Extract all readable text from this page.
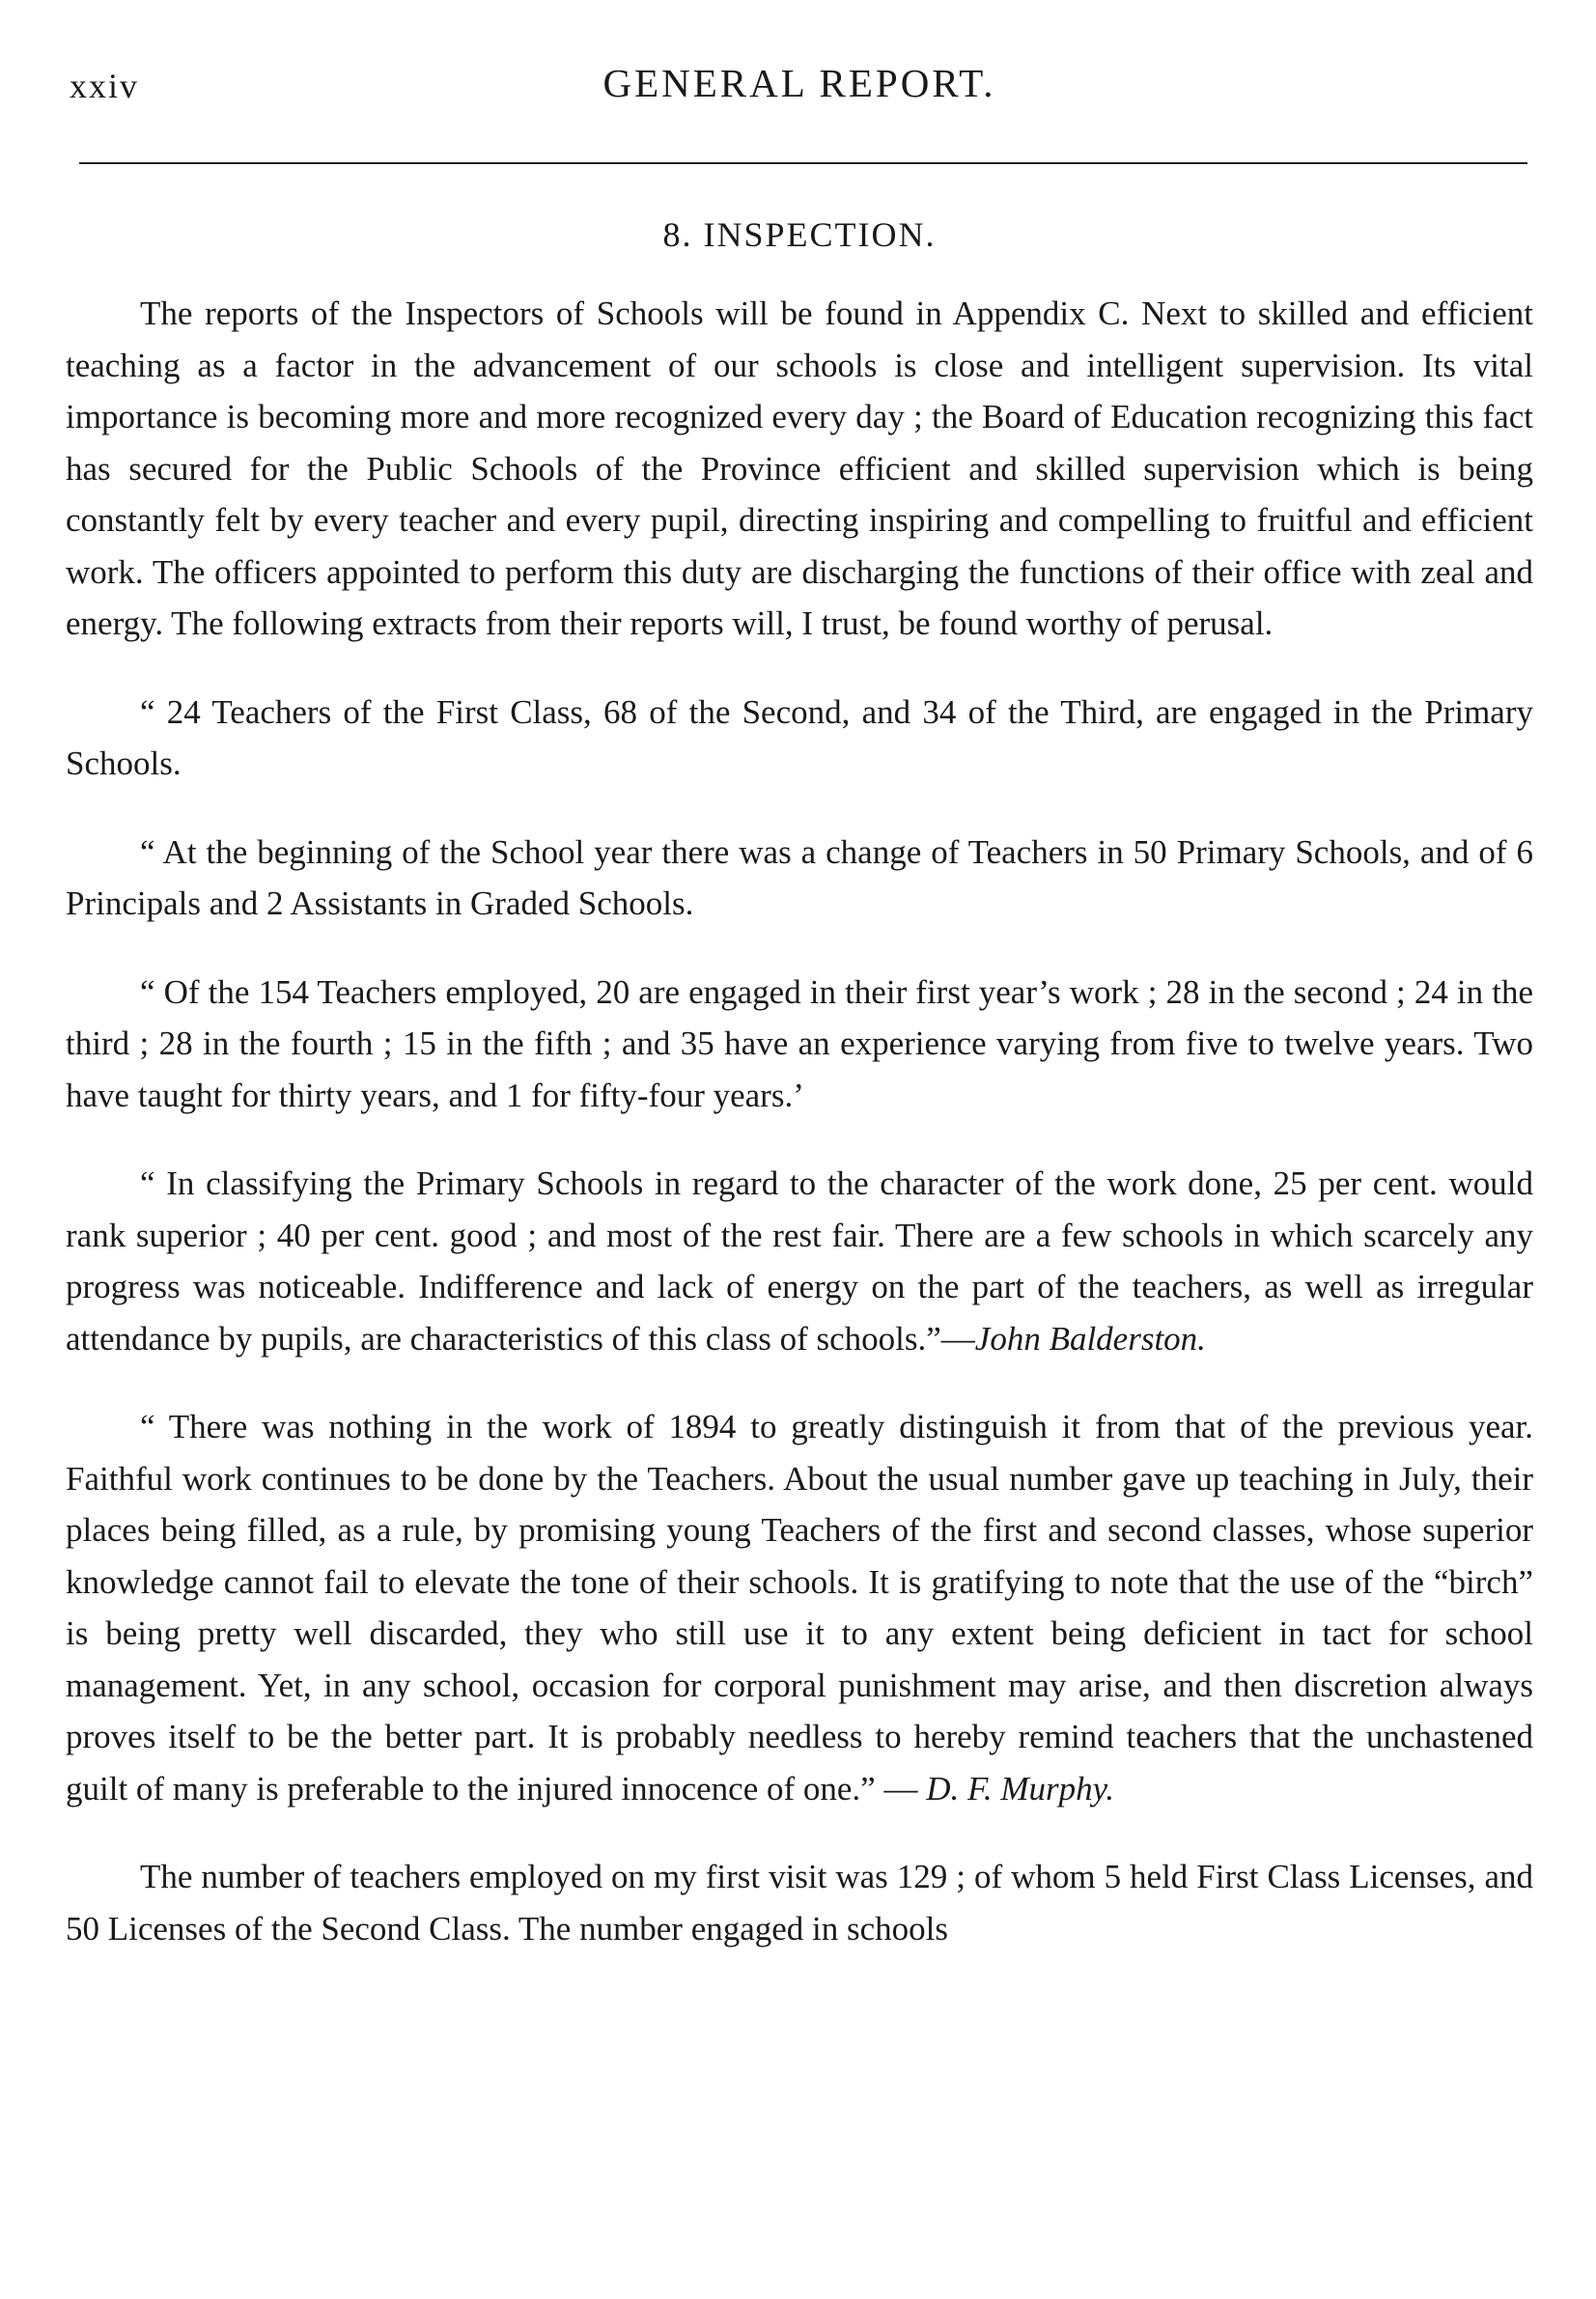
xxiv	GENERAL REPORT.
8. INSPECTION.

The reports of the Inspectors of Schools will be found in Appendix C. Next to skilled and efficient teaching as a factor in the advancement of our schools is close and intelligent supervision. Its vital importance is becoming more and more recognized every day ; the Board of Education recognizing this fact has secured for the Public Schools of the Province efficient and skilled supervision which is being constantly felt by every teacher and every pupil, directing inspiring and compelling to fruitful and efficient work. The officers appointed to perform this duty are discharging the functions of their office with zeal and energy. The following extracts from their reports will, I trust, be found worthy of perusal.

“ 24 Teachers of the First Class, 68 of the Second, and 34 of the Third, are engaged in the Primary Schools.

“ At the beginning of the School year there was a change of Teachers in 50 Primary Schools, and of 6 Principals and 2 Assistants in Graded Schools.

“ Of the 154 Teachers employed, 20 are engaged in their first year’s work ; 28 in the second ; 24 in the third ; 28 in the fourth ; 15 in the fifth ; and 35 have an experience varying from five to twelve years. Two have taught for thirty years, and 1 for fifty-four years.’

“ In classifying the Primary Schools in regard to the character of the work done, 25 per cent. would rank superior ; 40 per cent. good ; and most of the rest fair. There are a few schools in which scarcely any progress was noticeable. Indifference and lack of energy on the part of the teachers, as well as irregular attendance by pupils, are characteristics of this class of schools.”—John Balderston.

“ There was nothing in the work of 1894 to greatly distinguish it from that of the previous year. Faithful work continues to be done by the Teachers. About the usual number gave up teaching in July, their places being filled, as a rule, by promising young Teachers of the first and second classes, whose superior knowledge cannot fail to elevate the tone of their schools. It is gratifying to note that the use of the “birch” is being pretty well discarded, they who still use it to any extent being deficient in tact for school management. Yet, in any school, occasion for corporal punishment may arise, and then discretion always proves itself to be the better part. It is probably needless to hereby remind teachers that the unchastened guilt of many is preferable to the injured innocence of one.” — D. F. Murphy.

The number of teachers employed on my first visit was 129 ; of whom 5 held First Class Licenses, and 50 Licenses of the Second Class. The number engaged in schools
